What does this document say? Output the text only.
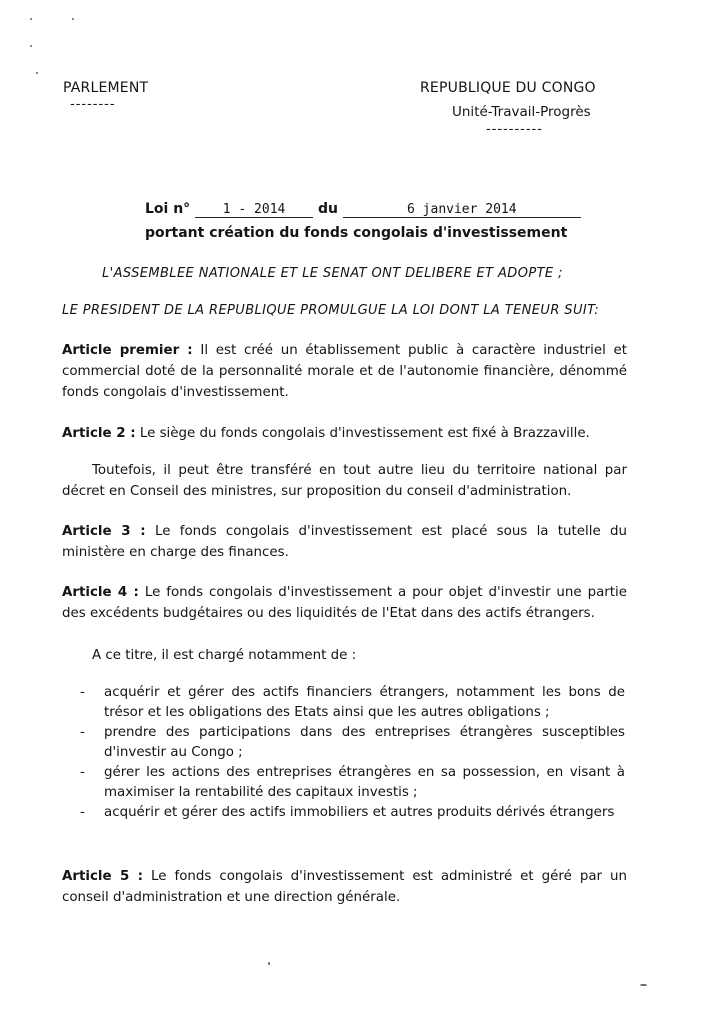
PARLEMENT
--------
REPUBLIQUE DU CONGO
Unité-Travail-Progrès
----------
Loi n°	1 - 2014 du	6 janvier 2014
portant création du fonds congolais d'investissement
L'ASSEMBLEE NATIONALE ET LE SENAT ONT DELIBERE ET ADOPTE ;
LE PRESIDENT DE LA REPUBLIQUE PROMULGUE LA LOI DONT LA TENEUR SUIT:
Article premier : Il est créé un établissement public à caractère industriel et commercial doté de la personnalité morale et de l'autonomie financière, dénommé fonds congolais d'investissement.
Article 2 : Le siège du fonds congolais d'investissement est fixé à Brazzaville.
Toutefois, il peut être transféré en tout autre lieu du territoire national par décret en Conseil des ministres, sur proposition du conseil d'administration.
Article 3 : Le fonds congolais d'investissement est placé sous la tutelle du ministère en charge des finances.
Article 4 : Le fonds congolais d'investissement a pour objet d'investir une partie des excédents budgétaires ou des liquidités de l'Etat dans des actifs étrangers.
A ce titre, il est chargé notamment de :
- acquérir et gérer des actifs financiers étrangers, notamment les bons de trésor et les obligations des Etats ainsi que les autres obligations ;
- prendre des participations dans des entreprises étrangères susceptibles d'investir au Congo ;
- gérer les actions des entreprises étrangères en sa possession, en visant à maximiser la rentabilité des capitaux investis ;
- acquérir et gérer des actifs immobiliers et autres produits dérivés étrangers
Article 5 : Le fonds congolais d'investissement est administré et géré par un conseil d'administration et une direction générale.
